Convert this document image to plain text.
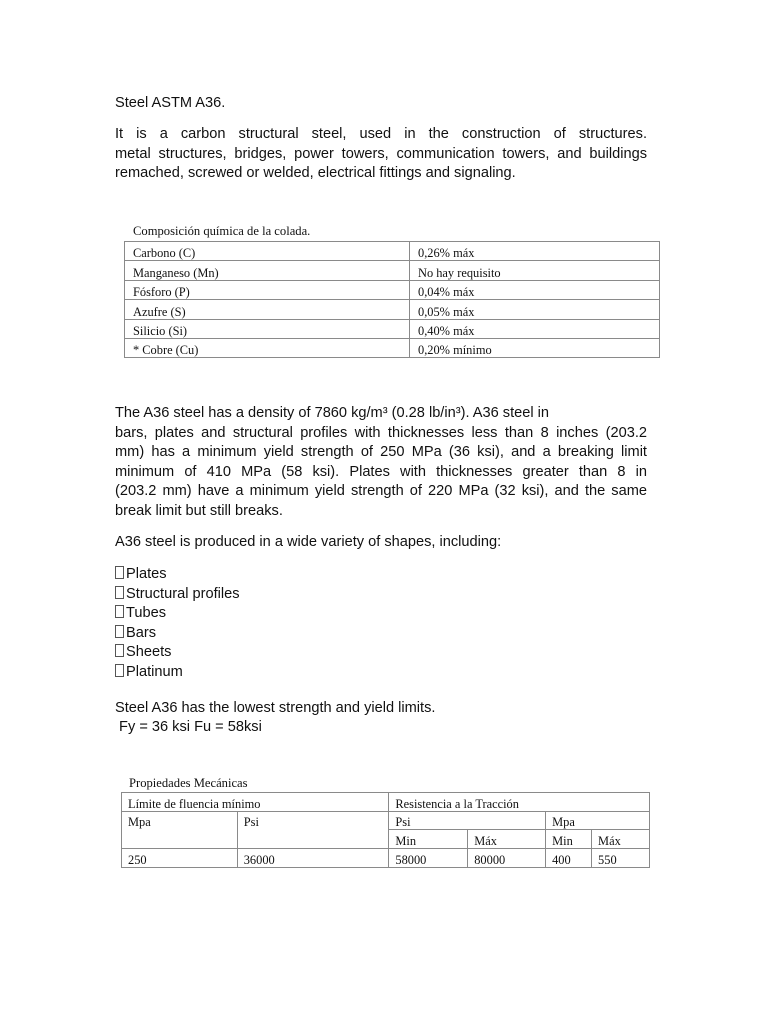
Steel ASTM A36.
It is a carbon structural steel, used in the construction of structures.
metal structures, bridges, power towers, communication towers, and buildings
remached, screwed or welded, electrical fittings and signaling.
Composición química de la colada.
Carbono (C)	0,26% máx
Manganeso (Mn)	No hay requisito
Fósforo (P)	0,04% máx
Azufre (S)	0,05% máx
Silicio (Si)	0,40% máx
* Cobre (Cu)	0,20% mínimo
The A36 steel has a density of 7860 kg/m³ (0.28 lb/in³). A36 steel in
bars, plates and structural profiles with thicknesses less than 8 inches (203.2
mm) has a minimum yield strength of 250 MPa (36 ksi), and a breaking limit
minimum of 410 MPa (58 ksi). Plates with thicknesses greater than 8 in
(203.2 mm) have a minimum yield strength of 220 MPa (32 ksi), and the same
break limit but still breaks.
A36 steel is produced in a wide variety of shapes, including:
Plates
Structural profiles
Tubes
Bars
Sheets
Platinum
Steel A36 has the lowest strength and yield limits.
Fy = 36 ksi Fu = 58ksi
Propiedades Mecánicas
Límite de fluencia mínimo		Resistencia a la Tracción			
Mpa	Psi	Psi		Mpa	
		Min	Máx	Min	Máx
250	36000	58000	80000	400	550
